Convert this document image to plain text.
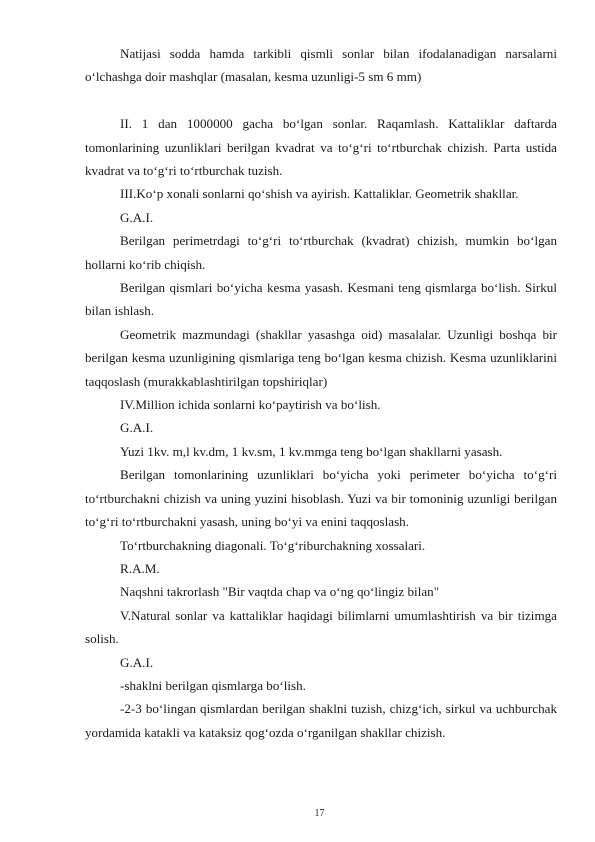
Natijasi sodda hamda tarkibli qismli sonlar bilan ifodalanadigan narsalarni oʻlchashga doir mashqlar (masalan, kesma uzunligi-5 sm 6 mm)

II. 1 dan 1000000 gacha boʻlgan sonlar. Raqamlash. Kattaliklar daftarda tomonlarining uzunliklari berilgan kvadrat va toʻgʻri toʻrtburchak chizish. Parta ustida kvadrat va toʻgʻri toʻrtburchak tuzish.

III.Koʻp xonali sonlarni qoʻshish va ayirish. Kattaliklar. Geometrik shakllar.

G.A.I.

Berilgan perimetrdagi toʻgʻri toʻrtburchak (kvadrat) chizish, mumkin boʻlgan hollarni koʻrib chiqish.

Berilgan qismlari boʻyicha kesma yasash. Kesmani teng qismlarga boʻlish. Sirkul bilan ishlash.

Geometrik mazmundagi (shakllar yasashga oid) masalalar. Uzunligi boshqa bir berilgan kesma uzunligining qismlariga teng boʻlgan kesma chizish. Kesma uzunliklarini taqqoslash (murakkablashtirilgan topshiriqlar)

IV.Million ichida sonlarni koʻpaytirish va boʻlish.

G.A.I.

Yuzi 1kv. m,l kv.dm, 1 kv.sm, 1 kv.mmga teng boʻlgan shakllarni yasash.

Berilgan tomonlarining uzunliklari boʻyicha yoki perimeter boʻyicha toʻgʻri toʻrtburchakni chizish va uning yuzini hisoblash. Yuzi va bir tomoninig uzunligi berilgan toʻgʻri toʻrtburchakni yasash, uning boʻyi va enini taqqoslash.

Toʻrtburchakning diagonali. Toʻgʻriburchakning xossalari.

R.A.M.

Naqshni takrorlash "Bir vaqtda chap va oʻng qoʻlingiz bilan"

V.Natural sonlar va kattaliklar haqidagi bilimlarni umumlashtirish va bir tizimga solish.

G.A.I.

-shaklni berilgan qismlarga boʻlish.

-2-3 boʻlingan qismlardan berilgan shaklni tuzish, chizgʻich, sirkul va uchburchak yordamida katakli va kataksiz qogʻozda oʻrganilgan shakllar chizish.

17
